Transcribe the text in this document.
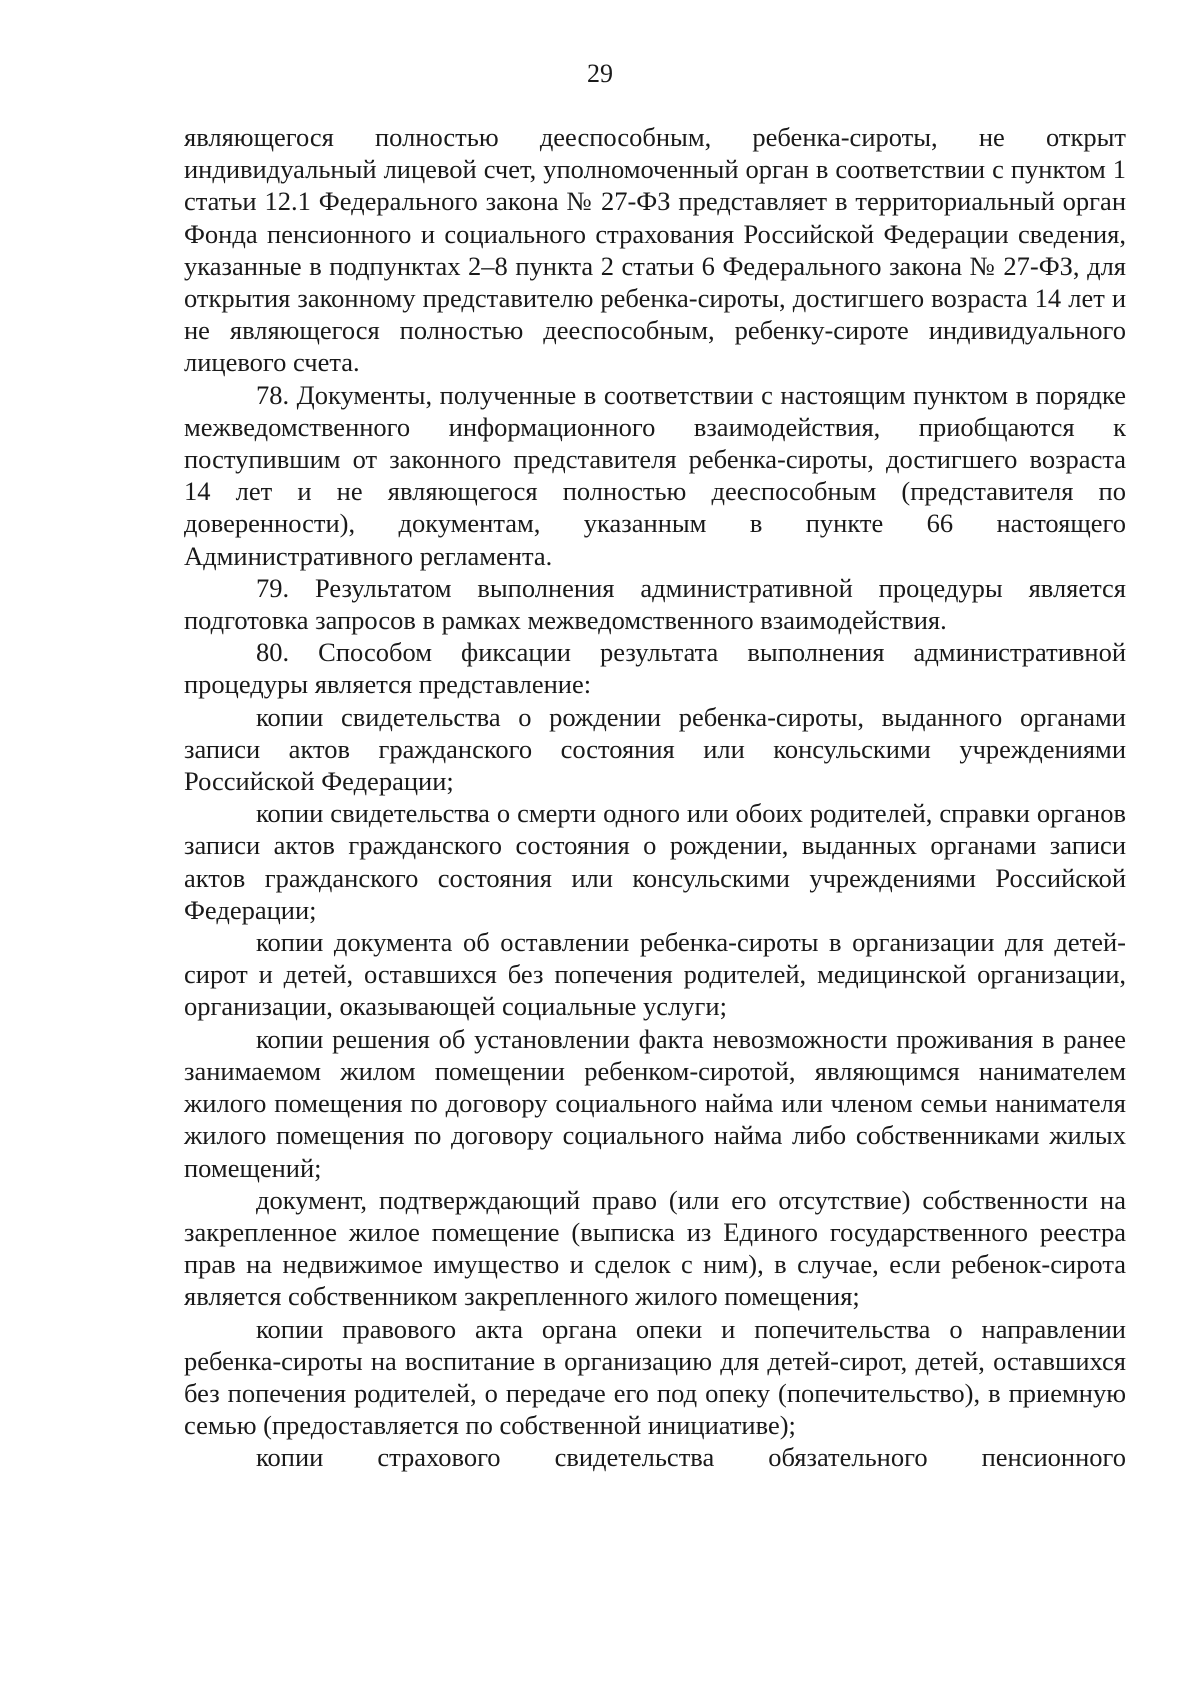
29

являющегося полностью дееспособным, ребенка-сироты, не открыт индивидуальный лицевой счет, уполномоченный орган в соответствии с пунктом 1 статьи 12.1 Федерального закона № 27-ФЗ представляет в территориальный орган Фонда пенсионного и социального страхования Российской Федерации сведения, указанные в подпунктах 2–8 пункта 2 статьи 6 Федерального закона № 27-ФЗ, для открытия законному представителю ребенка-сироты, достигшего возраста 14 лет и не являющегося полностью дееспособным, ребенку-сироте индивидуального лицевого счета.

78. Документы, полученные в соответствии с настоящим пунктом в порядке межведомственного информационного взаимодействия, приобщаются к поступившим от законного представителя ребенка-сироты, достигшего возраста 14 лет и не являющегося полностью дееспособным (представителя по доверенности), документам, указанным в пункте 66 настоящего Административного регламента.

79. Результатом выполнения административной процедуры является подготовка запросов в рамках межведомственного взаимодействия.

80. Способом фиксации результата выполнения административной процедуры является представление:

копии свидетельства о рождении ребенка-сироты, выданного органами записи актов гражданского состояния или консульскими учреждениями Российской Федерации;

копии свидетельства о смерти одного или обоих родителей, справки органов записи актов гражданского состояния о рождении, выданных органами записи актов гражданского состояния или консульскими учреждениями Российской Федерации;

копии документа об оставлении ребенка-сироты в организации для детей-сирот и детей, оставшихся без попечения родителей, медицинской организации, организации, оказывающей социальные услуги;

копии решения об установлении факта невозможности проживания в ранее занимаемом жилом помещении ребенком-сиротой, являющимся нанимателем жилого помещения по договору социального найма или членом семьи нанимателя жилого помещения по договору социального найма либо собственниками жилых помещений;

документ, подтверждающий право (или его отсутствие) собственности на закрепленное жилое помещение (выписка из Единого государственного реестра прав на недвижимое имущество и сделок с ним), в случае, если ребенок-сирота является собственником закрепленного жилого помещения;

копии правового акта органа опеки и попечительства о направлении ребенка-сироты на воспитание в организацию для детей-сирот, детей, оставшихся без попечения родителей, о передаче его под опеку (попечительство), в приемную семью (предоставляется по собственной инициативе);

копии страхового свидетельства обязательного пенсионного
